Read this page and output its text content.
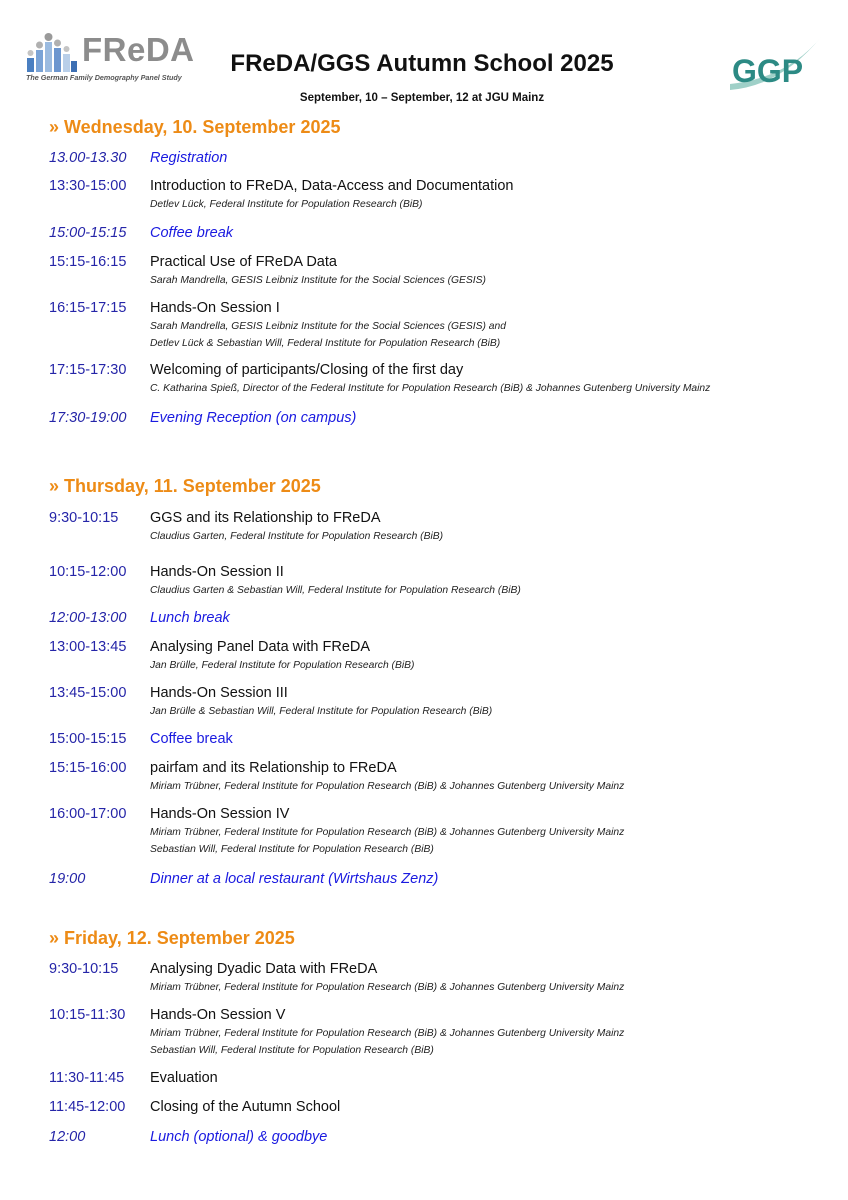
FReDA
The German Family Demography Panel Study
FReDA/GGS Autumn School 2025
September, 10 – September, 12 at JGU Mainz
GGP
» Wednesday, 10. September 2025
13.00-13.30 Registration
13:30-15:00 Introduction to FReDA, Data-Access and Documentation
Detlev Lück, Federal Institute for Population Research (BiB)
15:00-15:15 Coffee break
15:15-16:15 Practical Use of FReDA Data
Sarah Mandrella, GESIS Leibniz Institute for the Social Sciences (GESIS)
16:15-17:15 Hands-On Session I
Sarah Mandrella, GESIS Leibniz Institute for the Social Sciences (GESIS) and
Detlev Lück & Sebastian Will, Federal Institute for Population Research (BiB)
17:15-17:30 Welcoming of participants/Closing of the first day
C. Katharina Spieß, Director of the Federal Institute for Population Research (BiB) & Johannes Gutenberg University Mainz
17:30-19:00 Evening Reception (on campus)
» Thursday, 11. September 2025
9:30-10:15 GGS and its Relationship to FReDA
Claudius Garten, Federal Institute for Population Research (BiB)
10:15-12:00 Hands-On Session II
Claudius Garten & Sebastian Will, Federal Institute for Population Research (BiB)
12:00-13:00 Lunch break
13:00-13:45 Analysing Panel Data with FReDA
Jan Brülle, Federal Institute for Population Research (BiB)
13:45-15:00 Hands-On Session III
Jan Brülle & Sebastian Will, Federal Institute for Population Research (BiB)
15:00-15:15 Coffee break
15:15-16:00 pairfam and its Relationship to FReDA
Miriam Trübner, Federal Institute for Population Research (BiB) & Johannes Gutenberg University Mainz
16:00-17:00 Hands-On Session IV
Miriam Trübner, Federal Institute for Population Research (BiB) & Johannes Gutenberg University Mainz
Sebastian Will, Federal Institute for Population Research (BiB)
19:00	Dinner at a local restaurant (Wirtshaus Zenz)
» Friday, 12. September 2025
9:30-10:15 Analysing Dyadic Data with FReDA
Miriam Trübner, Federal Institute for Population Research (BiB) & Johannes Gutenberg University Mainz
10:15-11:30 Hands-On Session V
Miriam Trübner, Federal Institute for Population Research (BiB) & Johannes Gutenberg University Mainz
Sebastian Will, Federal Institute for Population Research (BiB)
11:30-11:45 Evaluation
11:45-12:00 Closing of the Autumn School
12:00	Lunch (optional) & goodbye
